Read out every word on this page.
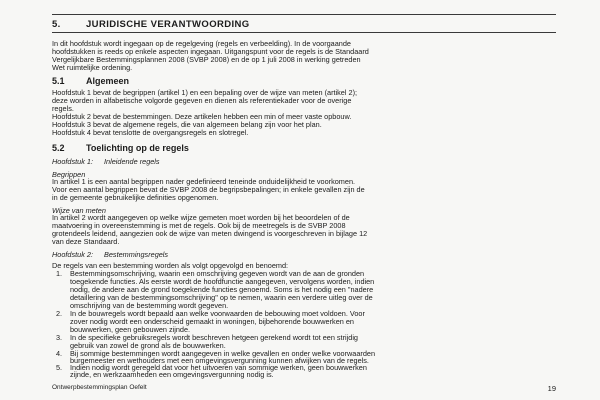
5.	JURIDISCHE VERANTWOORDING
In dit hoofdstuk wordt ingegaan op de regelgeving (regels en verbeelding). In de voorgaande
hoofdstukken is reeds op enkele aspecten ingegaan. Uitgangspunt voor de regels is de Standaard
Vergelijkbare Bestemmingsplannen 2008 (SVBP 2008) en de op 1 juli 2008 in werking getreden
Wet ruimtelijke ordening.
5.1 Algemeen
Hoofdstuk 1 bevat de begrippen (artikel 1) en een bepaling over de wijze van meten (artikel 2);
deze worden in alfabetische volgorde gegeven en dienen als referentiekader voor de overige
regels.
Hoofdstuk 2 bevat de bestemmingen. Deze artikelen hebben een min of meer vaste opbouw.
Hoofdstuk 3 bevat de algemene regels, die van algemeen belang zijn voor het plan.
Hoofdstuk 4 bevat tenslotte de overgangsregels en slotregel.
5.2 Toelichting op de regels
Hoofdstuk 1: Inleidende regels
Begrippen
In artikel 1 is een aantal begrippen nader gedefinieerd teneinde onduidelijkheid te voorkomen.
Voor een aantal begrippen bevat de SVBP 2008 de begripsbepalingen; in enkele gevallen zijn de
in de gemeente gebruikelijke definities opgenomen.
Wijze van meten
In artikel 2 wordt aangegeven op welke wijze gemeten moet worden bij het beoordelen of de
maatvoering in overeenstemming is met de regels. Ook bij de meetregels is de SVBP 2008
grotendeels leidend, aangezien ook de wijze van meten dwingend is voorgeschreven in bijlage 12
van deze Standaard.
Hoofdstuk 2: Bestemmingsregels
De regels van een bestemming worden als volgt opgevolgd en benoemd:
1. Bestemmingsomschrijving, waarin een omschrijving gegeven wordt van de aan de gronden
toegekende functies. Als eerste wordt de hoofdfunctie aangegeven, vervolgens worden, indien
nodig, de andere aan de grond toegekende functies genoemd. Soms is het nodig een "nadere
detaillering van de bestemmingsomschrijving" op te nemen, waarin een verdere uitleg over de
omschrijving van de bestemming wordt gegeven.
2. In de bouwregels wordt bepaald aan welke voorwaarden de bebouwing moet voldoen. Voor
zover nodig wordt een onderscheid gemaakt in woningen, bijbehorende bouwwerken en
bouwwerken, geen gebouwen zijnde.
3. In de specifieke gebruiksregels wordt beschreven hetgeen gerekend wordt tot een strijdig
gebruik van zowel de grond als de bouwwerken.
4. Bij sommige bestemmingen wordt aangegeven in welke gevallen en onder welke voorwaarden
burgemeester en wethouders met een omgevingsvergunning kunnen afwijken van de regels.
5. Indien nodig wordt geregeld dat voor het uitvoeren van sommige werken, geen bouwwerken
zijnde, en werkzaamheden een omgevingsvergunning nodig is.
Ontwerpbestemmingsplan Oefelt	19
